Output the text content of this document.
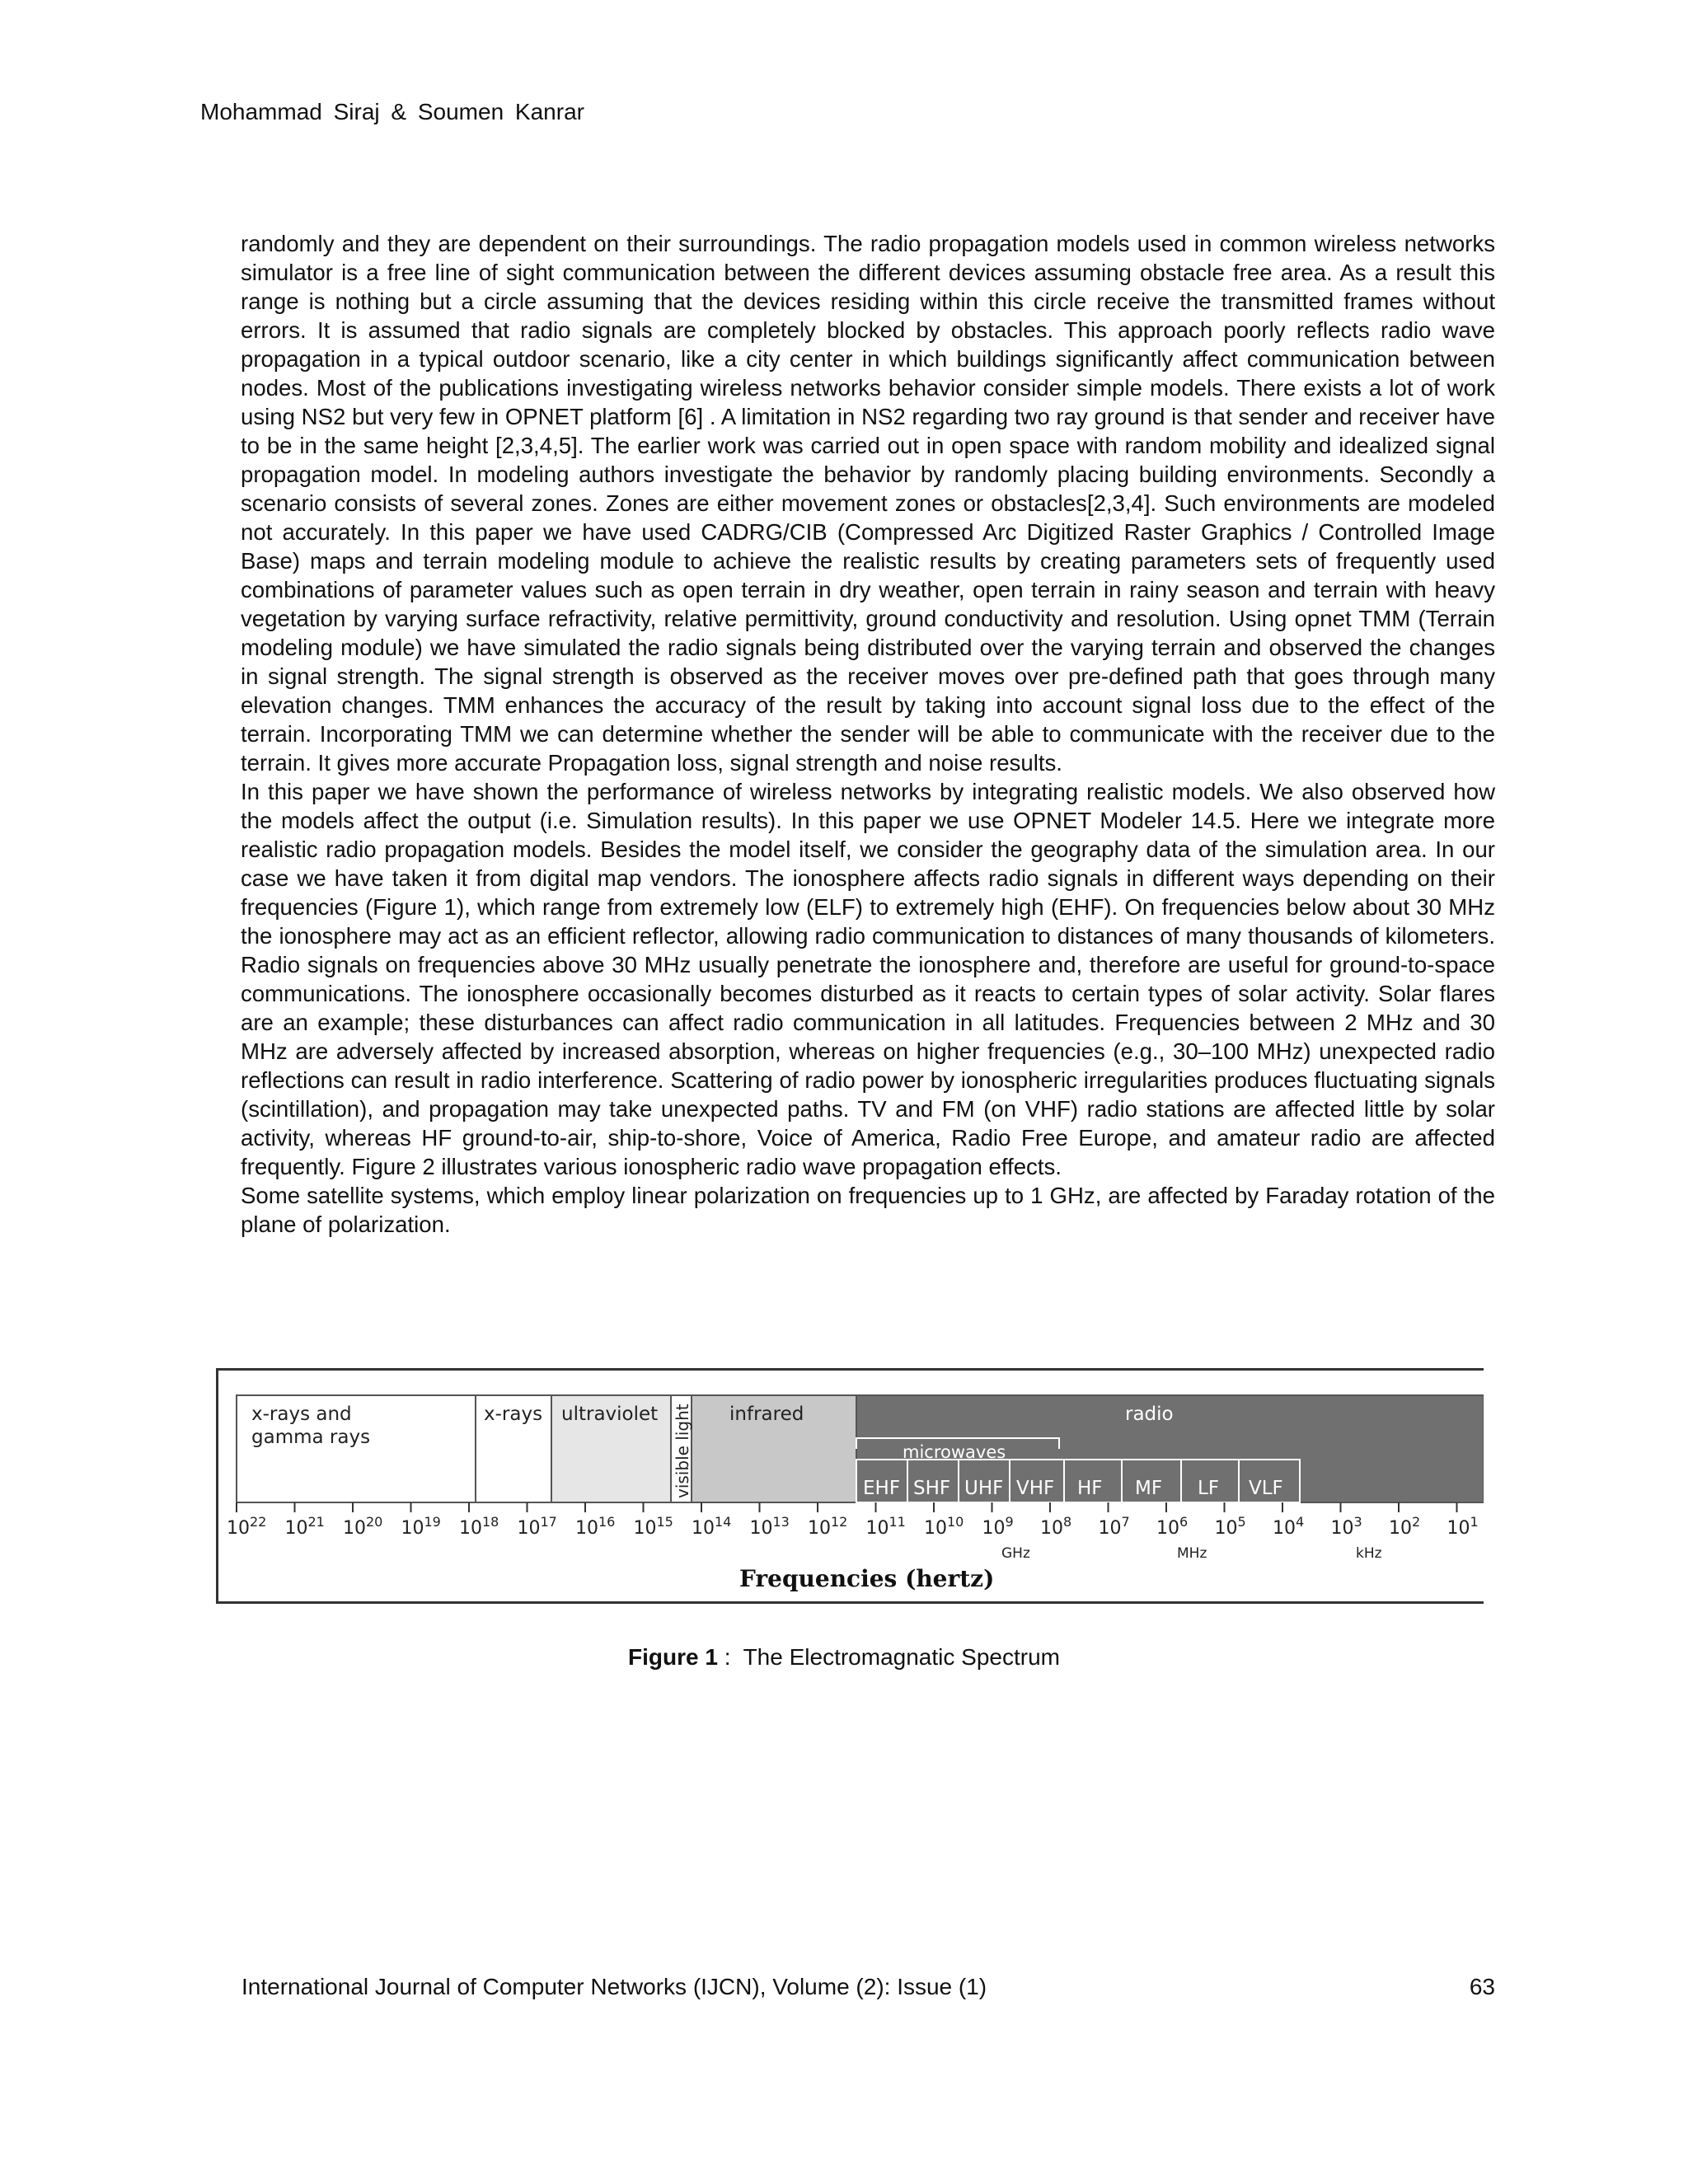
Mohammad Siraj & Soumen Kanrar

randomly and they are dependent on their surroundings. The radio propagation models used in common wireless networks simulator is a free line of sight communication between the different devices assuming obstacle free area. As a result this range is nothing but a circle assuming that the devices residing within this circle receive the transmitted frames without errors. It is assumed that radio signals are completely blocked by obstacles. This approach poorly reflects radio wave propagation in a typical outdoor scenario, like a city center in which buildings significantly affect communication between nodes. Most of the publications investigating wireless networks behavior consider simple models. There exists a lot of work using NS2 but very few in OPNET platform [6] . A limitation in NS2 regarding two ray ground is that sender and receiver have to be in the same height [2,3,4,5]. The earlier work was carried out in open space with random mobility and idealized signal propagation model. In modeling authors investigate the behavior by randomly placing building environments. Secondly a scenario consists of several zones. Zones are either movement zones or obstacles[2,3,4]. Such environments are modeled not accurately. In this paper we have used CADRG/CIB (Compressed Arc Digitized Raster Graphics / Controlled Image Base) maps and terrain modeling module to achieve the realistic results by creating parameters sets of frequently used combinations of parameter values such as open terrain in dry weather, open terrain in rainy season and terrain with heavy vegetation by varying surface refractivity, relative permittivity, ground conductivity and resolution. Using opnet TMM (Terrain modeling module) we have simulated the radio signals being distributed over the varying terrain and observed the changes in signal strength. The signal strength is observed as the receiver moves over pre-defined path that goes through many elevation changes. TMM enhances the accuracy of the result by taking into account signal loss due to the effect of the terrain. Incorporating TMM we can determine whether the sender will be able to communicate with the receiver due to the terrain. It gives more accurate Propagation loss, signal strength and noise results.

In this paper we have shown the performance of wireless networks by integrating realistic models. We also observed how the models affect the output (i.e. Simulation results). In this paper we use OPNET Modeler 14.5. Here we integrate more realistic radio propagation models. Besides the model itself, we consider the geography data of the simulation area. In our case we have taken it from digital map vendors. The ionosphere affects radio signals in different ways depending on their frequencies (Figure 1), which range from extremely low (ELF) to extremely high (EHF). On frequencies below about 30 MHz the ionosphere may act as an efficient reflector, allowing radio communication to distances of many thousands of kilometers. Radio signals on frequencies above 30 MHz usually penetrate the ionosphere and, therefore are useful for ground-to-space communications. The ionosphere occasionally becomes disturbed as it reacts to certain types of solar activity. Solar flares are an example; these disturbances can affect radio communication in all latitudes. Frequencies between 2 MHz and 30 MHz are adversely affected by increased absorption, whereas on higher frequencies (e.g., 30–100 MHz) unexpected radio reflections can result in radio interference. Scattering of radio power by ionospheric irregularities produces fluctuating signals (scintillation), and propagation may take unexpected paths. TV and FM (on VHF) radio stations are affected little by solar activity, whereas HF ground-to-air, ship-to-shore, Voice of America, Radio Free Europe, and amateur radio are affected frequently. Figure 2 illustrates various ionospheric radio wave propagation effects.

Some satellite systems, which employ linear polarization on frequencies up to 1 GHz, are affected by Faraday rotation of the plane of polarization.

x-rays and
gamma rays
x-rays ultraviolet visible light infrared	radio
microwaves
EHF SHF UHF VHF HF MF LF VLF
$10^{22}$ $10^{21}$ $10^{20}$ $10^{19}$ $10^{18}$ $10^{17}$ $10^{16}$ $10^{15}$ $10^{14}$ $10^{13}$ $10^{12}$ $10^{11}$ $10^{10}$ $10^9$ $10^8$ $10^7$ $10^6$ $10^5$ $10^4$ $10^3$ $10^2$ $10^1$
GHz	MHz	kHz
Frequencies (hertz)
Figure 1 :  The Electromagnatic Spectrum
International Journal of Computer Networks (IJCN), Volume (2): Issue (1)	63
